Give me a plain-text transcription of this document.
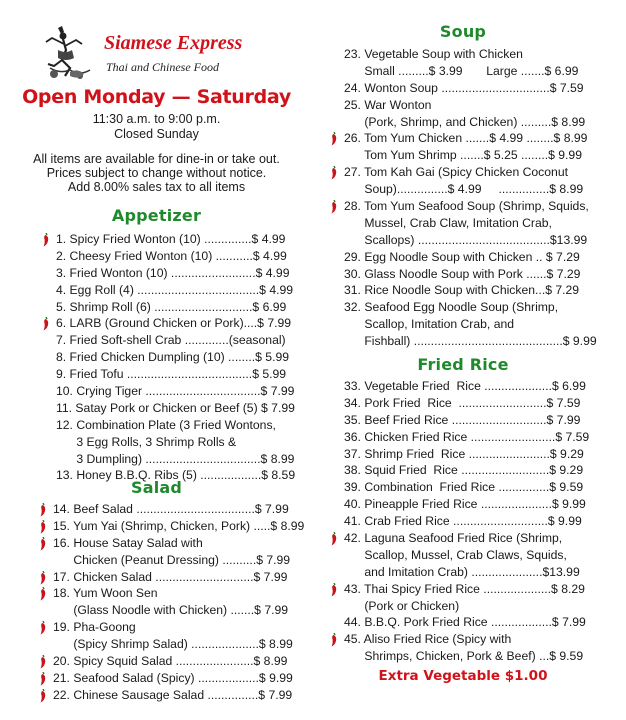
Siamese Express
Thai and Chinese Food
Open Monday — Saturday
11:30 a.m. to 9:00 p.m.
Closed Sunday
All items are available for dine-in or take out.
Prices subject to change without notice.
Add 8.00% sales tax to all items
Appetizer
1. Spicy Fried Wonton (10) ..............$ 4.99
2. Cheesy Fried Wonton (10) ...........$ 4.99
3. Fried Wonton (10) .........................$ 4.99
4. Egg Roll (4) ....................................$ 4.99
5. Shrimp Roll (6) .............................$ 6.99
6. LARB (Ground Chicken or Pork)....$ 7.99
7. Fried Soft-shell Crab .............(seasonal)
8. Fried Chicken Dumpling (10) ........$ 5.99
9. Fried Tofu .....................................$ 5.99
10. Crying Tiger ..................................$ 7.99
11. Satay Pork or Chicken or Beef (5) $ 7.99
12. Combination Plate (3 Fried Wontons,
3 Egg Rolls, 3 Shrimp Rolls &
3 Dumpling) ..................................$ 8.99
13. Honey B.B.Q. Ribs (5) ..................$ 8.59
Salad
14. Beef Salad ...................................$ 7.99
15. Yum Yai (Shrimp, Chicken, Pork) .....$ 8.99
16. House Satay Salad with
Chicken (Peanut Dressing) ..........$ 7.99
17. Chicken Salad .............................$ 7.99
18. Yum Woon Sen
(Glass Noodle with Chicken) .......$ 7.99
19. Pha-Goong
(Spicy Shrimp Salad) ....................$ 8.99
20. Spicy Squid Salad .......................$ 8.99
21. Seafood Salad (Spicy) ..................$ 9.99
22. Chinese Sausage Salad ...............$ 7.99
Soup
23. Vegetable Soup with Chicken
Small .........$ 3.99       Large .......$ 6.99
24. Wonton Soup ................................$ 7.59
25. War Wonton
(Pork, Shrimp, and Chicken) .........$ 8.99
26. Tom Yum Chicken .......$ 4.99 ........$ 8.99
Tom Yum Shrimp .......$ 5.25 ........$ 9.99
27. Tom Kah Gai (Spicy Chicken Coconut
Soup)...............$ 4.99     ...............$ 8.99
28. Tom Yum Seafood Soup (Shrimp, Squids,
Mussel, Crab Claw, Imitation Crab,
Scallops) .......................................$13.99
29. Egg Noodle Soup with Chicken .. $ 7.29
30. Glass Noodle Soup with Pork ......$ 7.29
31. Rice Noodle Soup with Chicken...$ 7.29
32. Seafood Egg Noodle Soup (Shrimp,
Scallop, Imitation Crab, and
Fishball) ............................................$ 9.99
Fried Rice
33. Vegetable Fried  Rice ....................$ 6.99
34. Pork Fried  Rice  ..........................$ 7.59
35. Beef Fried Rice ............................$ 7.99
36. Chicken Fried Rice .........................$ 7.59
37. Shrimp Fried  Rice ........................$ 9.29
38. Squid Fried  Rice ..........................$ 9.29
39. Combination  Fried Rice ...............$ 9.59
40. Pineapple Fried Rice .....................$ 9.99
41. Crab Fried Rice ............................$ 9.99
42. Laguna Seafood Fried Rice (Shrimp,
Scallop, Mussel, Crab Claws, Squids,
and Imitation Crab) .....................$13.99
43. Thai Spicy Fried Rice ....................$ 8.29
(Pork or Chicken)
44. B.B.Q. Pork Fried Rice ..................$ 7.99
45. Aliso Fried Rice (Spicy with
Shrimps, Chicken, Pork & Beef) ...$ 9.59
Extra Vegetable $1.00
